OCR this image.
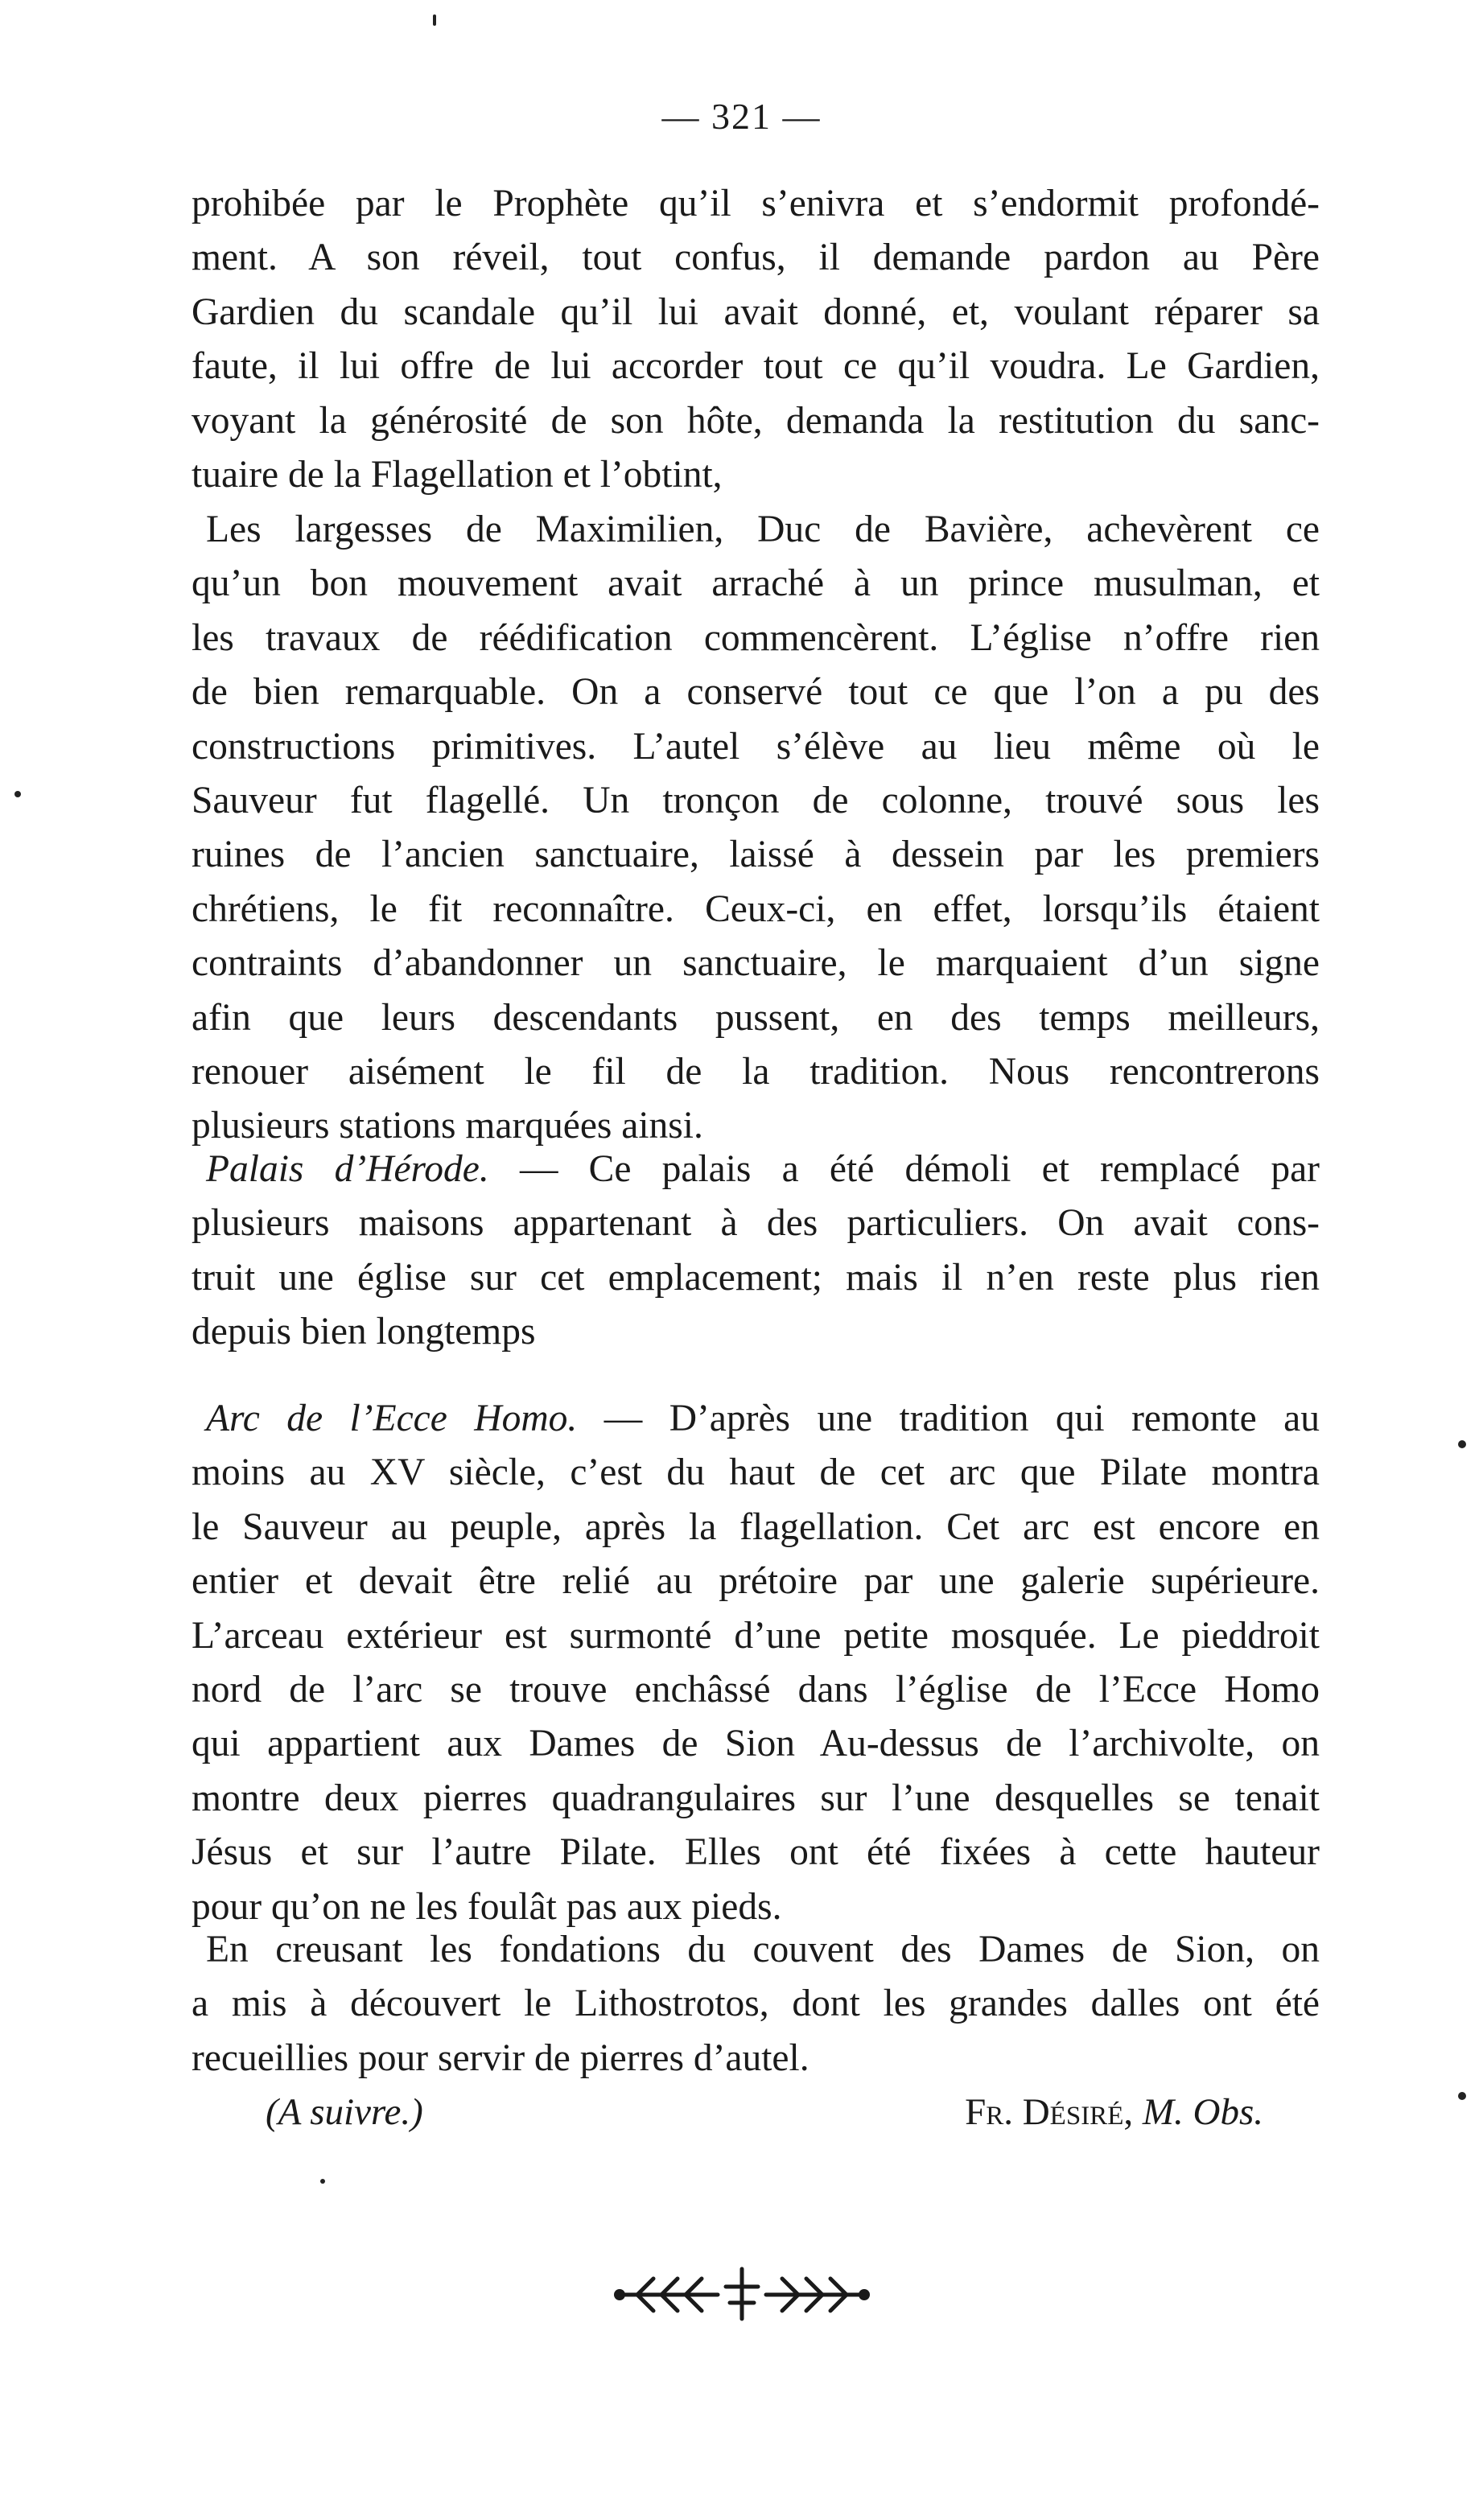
— 321 —
prohibée par le Prophète qu’il s’enivra et s’endormit profondé-
ment. A son réveil, tout confus, il demande pardon au Père
Gardien du scandale qu’il lui avait donné, et, voulant réparer sa
faute, il lui offre de lui accorder tout ce qu’il voudra. Le Gardien,
voyant la générosité de son hôte, demanda la restitution du sanc-
tuaire de la Flagellation et l’obtint,
Les largesses de Maximilien, Duc de Bavière, achevèrent ce
qu’un bon mouvement avait arraché à un prince musulman, et
les travaux de réédification commencèrent. L’église n’offre rien
de bien remarquable. On a conservé tout ce que l’on a pu des
constructions primitives. L’autel s’élève au lieu même où le
Sauveur fut flagellé. Un tronçon de colonne, trouvé sous les
ruines de l’ancien sanctuaire, laissé à dessein par les premiers
chrétiens, le fit reconnaître. Ceux-ci, en effet, lorsqu’ils étaient
contraints d’abandonner un sanctuaire, le marquaient d’un signe
afin que leurs descendants pussent, en des temps meilleurs,
renouer aisément le fil de la tradition. Nous rencontrerons
plusieurs stations marquées ainsi.
Palais d’Hérode. — Ce palais a été démoli et remplacé par
plusieurs maisons appartenant à des particuliers. On avait cons-
truit une église sur cet emplacement; mais il n’en reste plus rien
depuis bien longtemps
Arc de l’Ecce Homo. — D’après une tradition qui remonte au
moins au XV siècle, c’est du haut de cet arc que Pilate montra
le Sauveur au peuple, après la flagellation. Cet arc est encore en
entier et devait être relié au prétoire par une galerie supérieure.
L’arceau extérieur est surmonté d’une petite mosquée. Le pieddroit
nord de l’arc se trouve enchâssé dans l’église de l’Ecce Homo
qui appartient aux Dames de Sion Au-dessus de l’archivolte, on
montre deux pierres quadrangulaires sur l’une desquelles se tenait
Jésus et sur l’autre Pilate. Elles ont été fixées à cette hauteur
pour qu’on ne les foulât pas aux pieds.
En creusant les fondations du couvent des Dames de Sion, on
a mis à découvert le Lithostrotos, dont les grandes dalles ont été
recueillies pour servir de pierres d’autel.
(A suivre.)	Fr. Désiré, M. Obs.
